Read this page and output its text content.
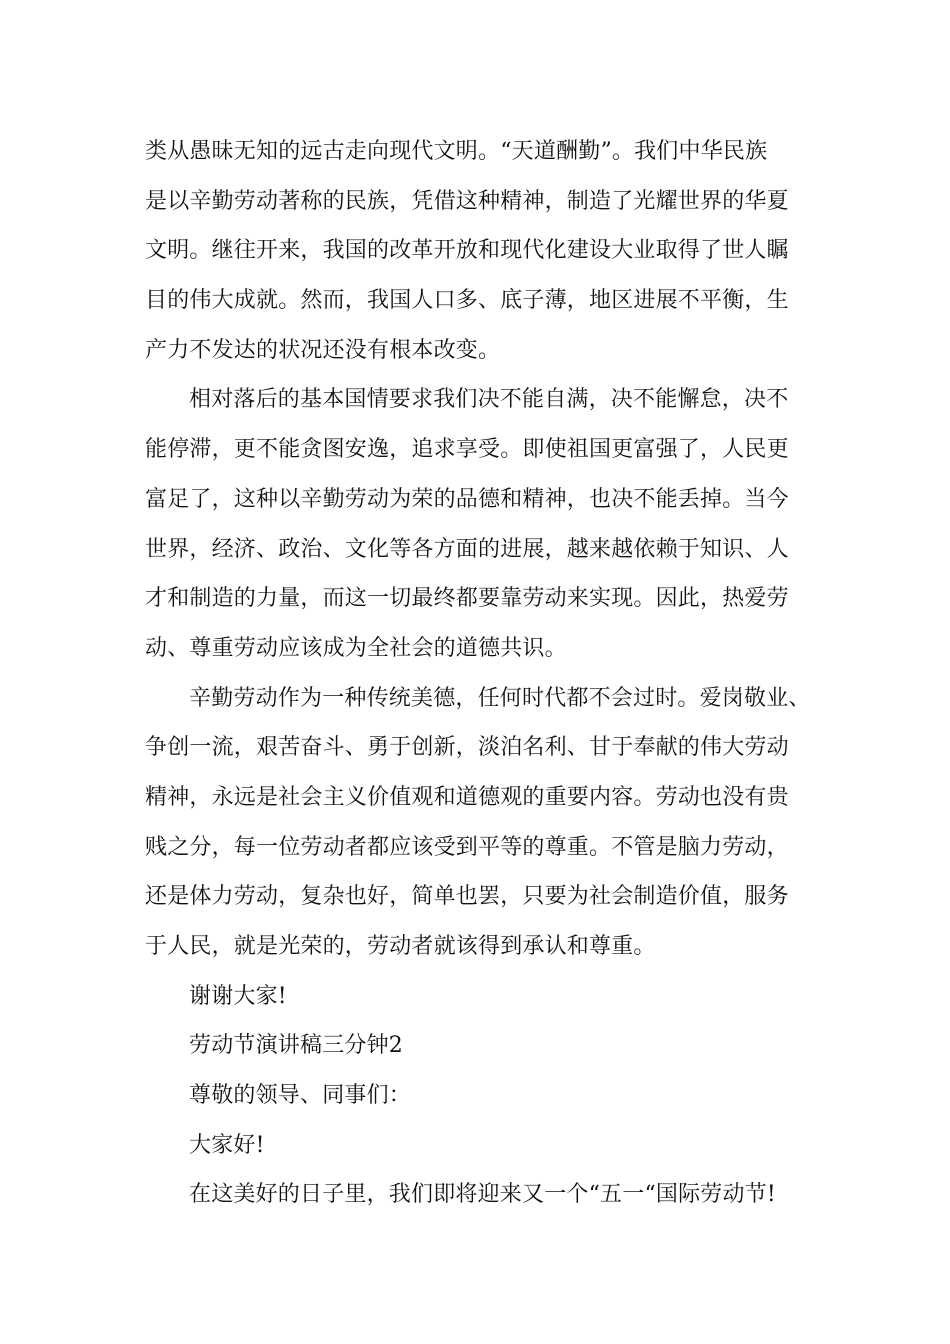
类从愚昧无知的远古走向现代文明。“天道酬勤”。我们中华民族
是以辛勤劳动著称的民族，凭借这种精神，制造了光耀世界的华夏
文明。继往开来，我国的改革开放和现代化建设大业取得了世人瞩
目的伟大成就。然而，我国人口多、底子薄，地区进展不平衡，生
产力不发达的状况还没有根本改变。
相对落后的基本国情要求我们决不能自满，决不能懈怠，决不
能停滞，更不能贪图安逸，追求享受。即使祖国更富强了，人民更
富足了，这种以辛勤劳动为荣的品德和精神，也决不能丢掉。当今
世界，经济、政治、文化等各方面的进展，越来越依赖于知识、人
才和制造的力量，而这一切最终都要靠劳动来实现。因此，热爱劳
动、尊重劳动应该成为全社会的道德共识。
辛勤劳动作为一种传统美德，任何时代都不会过时。爱岗敬业、
争创一流，艰苦奋斗、勇于创新，淡泊名利、甘于奉献的伟大劳动
精神，永远是社会主义价值观和道德观的重要内容。劳动也没有贵
贱之分，每一位劳动者都应该受到平等的尊重。不管是脑力劳动，
还是体力劳动，复杂也好，简单也罢，只要为社会制造价值，服务
于人民，就是光荣的，劳动者就该得到承认和尊重。
谢谢大家!
劳动节演讲稿三分钟2
尊敬的领导、同事们：
大家好!
在这美好的日子里，我们即将迎来又一个“五一“国际劳动节!
